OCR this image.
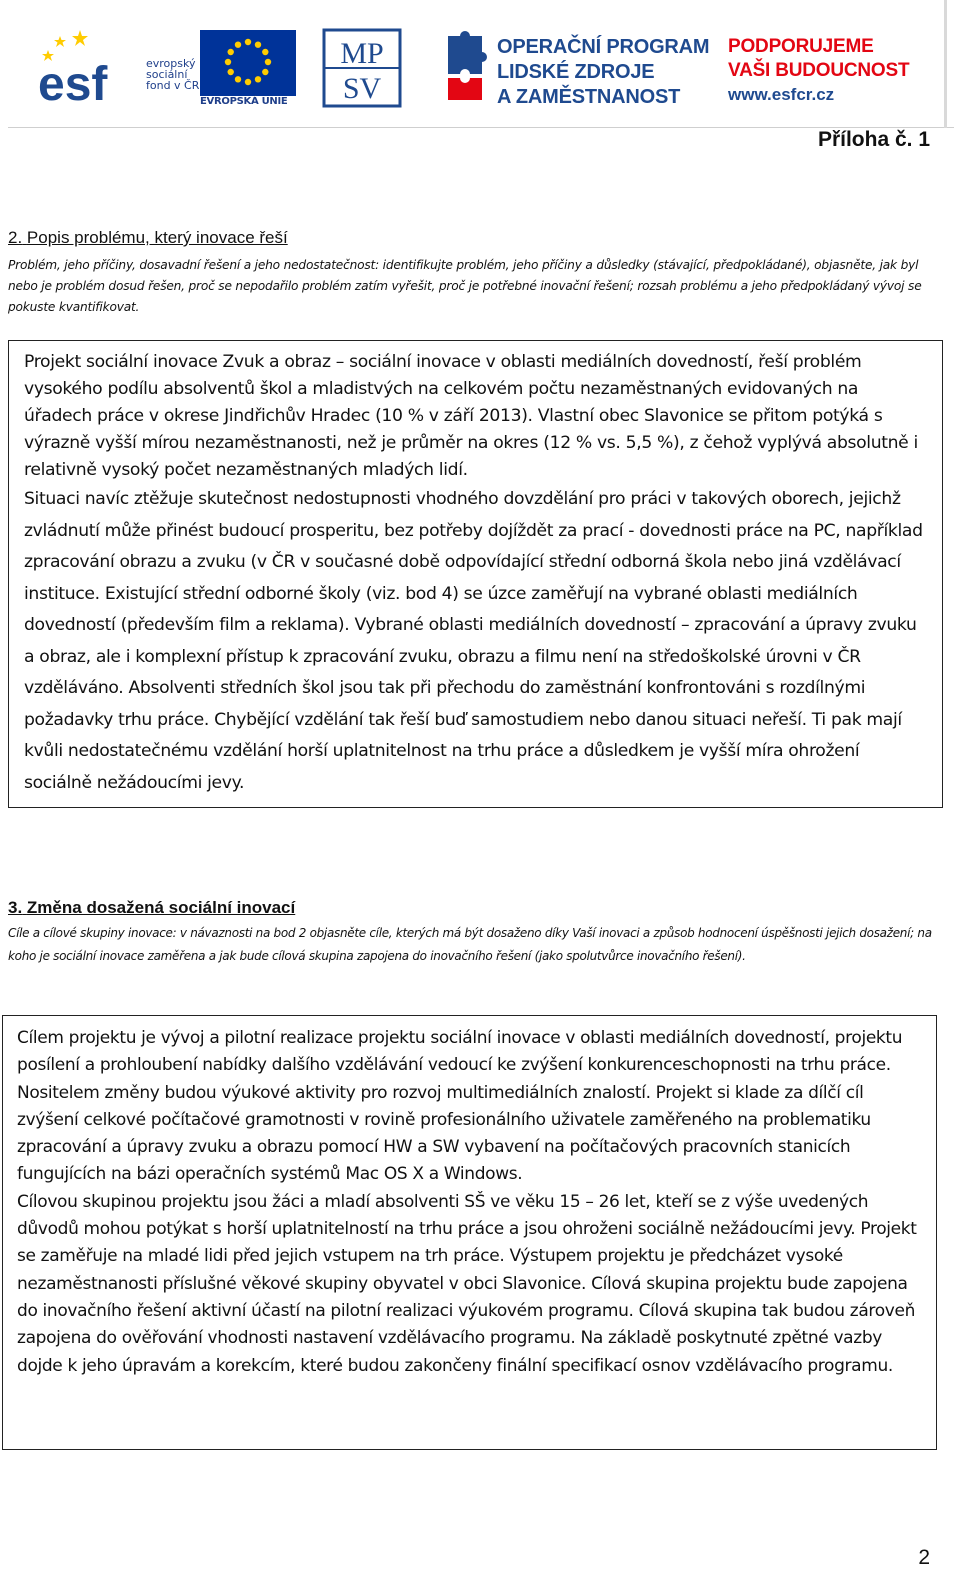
esf	evropský
sociální
fond v ČR
EVROPSKÁ UNIE
MP
SV
OPERAČNÍ PROGRAM
LIDSKÉ ZDROJE
A ZAMĚSTNANOST
PODPORUJEME
VAŠI BUDOUCNOST
www.esfcr.cz
Příloha č. 1
2. Popis problému, který inovace řeší
Problém, jeho příčiny, dosavadní řešení a jeho nedostatečnost: identifikujte problém, jeho příčiny a důsledky (stávající, předpokládané), objasněte, jak byl nebo je problém dosud řešen, proč se nepodařilo problém zatím vyřešit, proč je potřebné inovační řešení; rozsah problému a jeho předpokládaný vývoj se pokuste kvantifikovat.

Projekt sociální inovace Zvuk a obraz – sociální inovace v oblasti mediálních dovedností, řeší problém vysokého podílu absolventů škol a mladistvých na celkovém počtu nezaměstnaných evidovaných na úřadech práce v okrese Jindřichův Hradec (10 % v září 2013). Vlastní obec Slavonice se přitom potýká s výrazně vyšší mírou nezaměstnanosti, než je průměr na okres (12 % vs. 5,5 %), z čehož vyplývá absolutně i relativně vysoký počet nezaměstnaných mladých lidí.

Situaci navíc ztěžuje skutečnost nedostupnosti vhodného dovzdělání pro práci v takových oborech, jejichž zvládnutí může přinést budoucí prosperitu, bez potřeby dojíždět za prací - dovednosti práce na PC, například zpracování obrazu a zvuku (v ČR v současné době odpovídající střední odborná škola nebo jiná vzdělávací instituce. Existující střední odborné školy (viz. bod 4) se úzce zaměřují na vybrané oblasti mediálních dovedností (především film a reklama). Vybrané oblasti mediálních dovedností – zpracování a úpravy zvuku a obraz, ale i komplexní přístup k zpracování zvuku, obrazu a filmu není na středoškolské úrovni v ČR vzděláváno. Absolventi středních škol jsou tak při přechodu do zaměstnání konfrontováni s rozdílnými požadavky trhu práce. Chybějící vzdělání tak řeší buď samostudiem nebo danou situaci neřeší. Ti pak mají kvůli nedostatečnému vzdělání horší uplatnitelnost na trhu práce a důsledkem je vyšší míra ohrožení sociálně nežádoucími jevy.

3. Změna dosažená sociální inovací
Cíle a cílové skupiny inovace: v návaznosti na bod 2 objasněte cíle, kterých má být dosaženo díky Vaší inovaci a způsob hodnocení úspěšnosti jejich dosažení; na koho je sociální inovace zaměřena a jak bude cílová skupina zapojena do inovačního řešení (jako spolutvůrce inovačního řešení).

Cílem projektu je vývoj a pilotní realizace projektu sociální inovace v oblasti mediálních dovedností, projektu posílení a prohloubení nabídky dalšího vzdělávání vedoucí ke zvýšení konkurenceschopnosti na trhu práce. Nositelem změny budou výukové aktivity pro rozvoj multimediálních znalostí. Projekt si klade za dílčí cíl zvýšení celkové počítačové gramotnosti v rovině profesionálního uživatele zaměřeného na problematiku zpracování a úpravy zvuku a obrazu pomocí HW a SW vybavení na počítačových pracovních stanicích fungujících na bázi operačních systémů Mac OS X a Windows.

Cílovou skupinou projektu jsou žáci a mladí absolventi SŠ ve věku 15 – 26 let, kteří se z výše uvedených důvodů mohou potýkat s horší uplatnitelností na trhu práce a jsou ohroženi sociálně nežádoucími jevy. Projekt se zaměřuje na mladé lidi před jejich vstupem na trh práce. Výstupem projektu je předcházet vysoké nezaměstnanosti příslušné věkové skupiny obyvatel v obci Slavonice. Cílová skupina projektu bude zapojena do inovačního řešení aktivní účastí na pilotní realizaci výukovém programu. Cílová skupina tak budou zároveň zapojena do ověřování vhodnosti nastavení vzdělávacího programu. Na základě poskytnuté zpětné vazby dojde k jeho úpravám a korekcím, které budou zakončeny finální specifikací osnov vzdělávacího programu.

2
